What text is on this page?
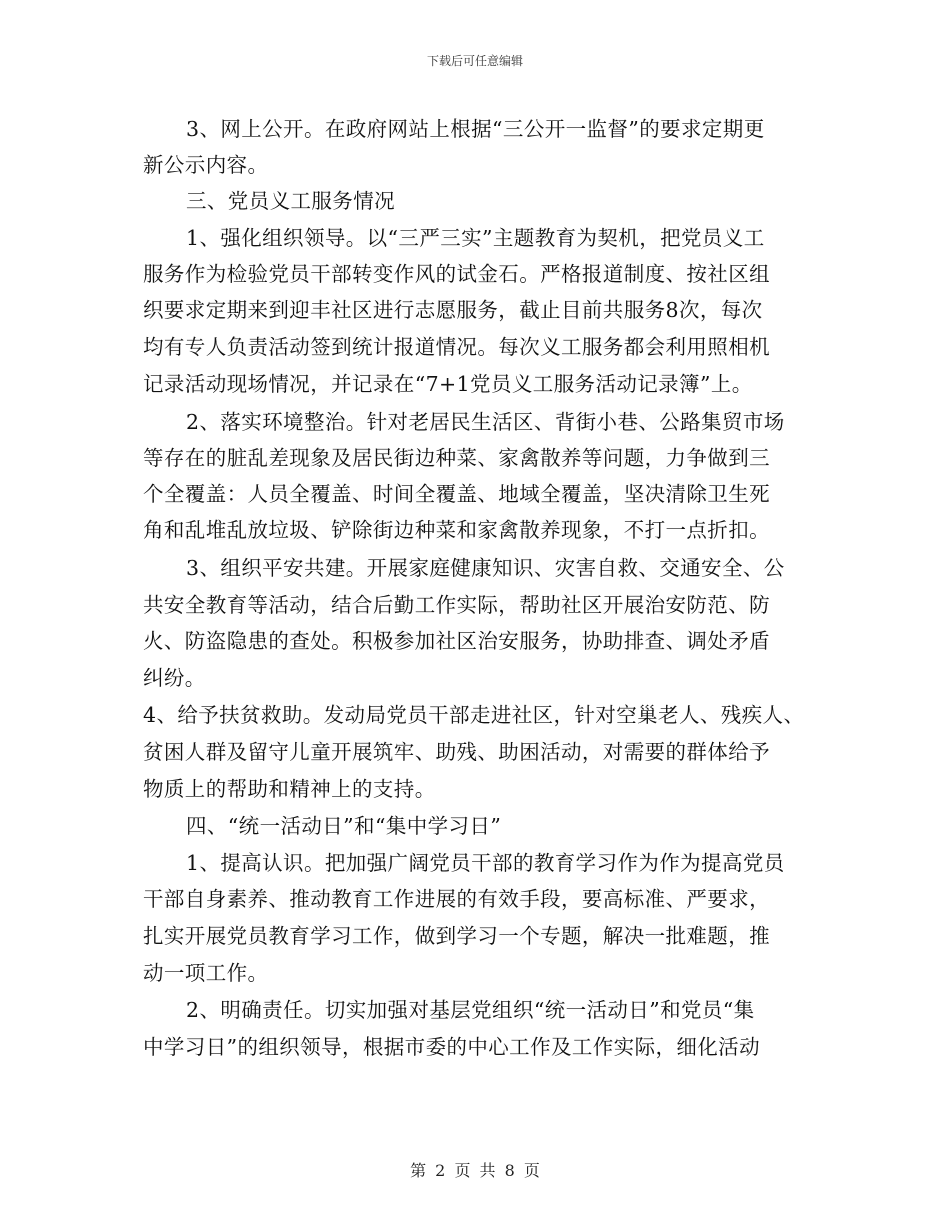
下载后可任意编辑
3、网上公开。在政府网站上根据“三公开一监督”的要求定期更
新公示内容。
三、党员义工服务情况
1、强化组织领导。以“三严三实”主题教育为契机，把党员义工
服务作为检验党员干部转变作风的试金石。严格报道制度、按社区组
织要求定期来到迎丰社区进行志愿服务，截止目前共服务8次，每次
均有专人负责活动签到统计报道情况。每次义工服务都会利用照相机
记录活动现场情况，并记录在“7+1党员义工服务活动记录簿”上。
2、落实环境整治。针对老居民生活区、背街小巷、公路集贸市场
等存在的脏乱差现象及居民街边种菜、家禽散养等问题，力争做到三
个全覆盖：人员全覆盖、时间全覆盖、地域全覆盖，坚决清除卫生死
角和乱堆乱放垃圾、铲除街边种菜和家禽散养现象，不打一点折扣。
3、组织平安共建。开展家庭健康知识、灾害自救、交通安全、公
共安全教育等活动，结合后勤工作实际，帮助社区开展治安防范、防
火、防盗隐患的查处。积极参加社区治安服务，协助排查、调处矛盾
纠纷。
4、给予扶贫救助。发动局党员干部走进社区，针对空巢老人、残疾人、
贫困人群及留守儿童开展筑牢、助残、助困活动，对需要的群体给予
物质上的帮助和精神上的支持。
四、“统一活动日”和“集中学习日”
1、提高认识。把加强广阔党员干部的教育学习作为作为提高党员
干部自身素养、推动教育工作进展的有效手段，要高标准、严要求，
扎实开展党员教育学习工作，做到学习一个专题，解决一批难题，推
动一项工作。
2、明确责任。切实加强对基层党组织“统一活动日”和党员“集
中学习日”的组织领导，根据市委的中心工作及工作实际，细化活动
第 2 页 共 8 页
